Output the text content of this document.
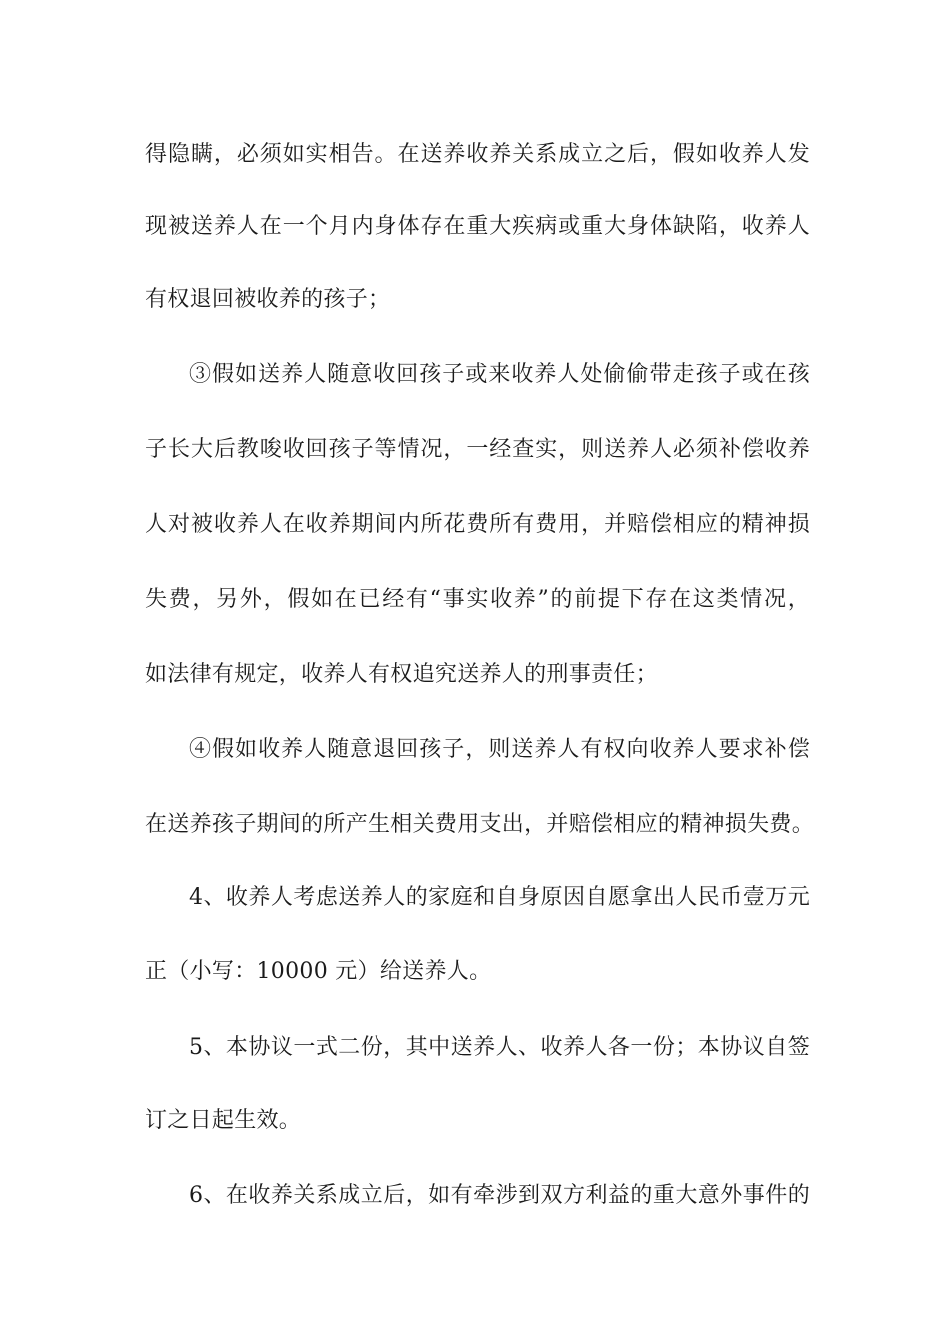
得隐瞒，必须如实相告。在送养收养关系成立之后，假如收养人发
现被送养人在一个月内身体存在重大疾病或重大身体缺陷，收养人
有权退回被收养的孩子；
③假如送养人随意收回孩子或来收养人处偷偷带走孩子或在孩
子长大后教唆收回孩子等情况，一经查实，则送养人必须补偿收养
人对被收养人在收养期间内所花费所有费用，并赔偿相应的精神损
失费，另外，假如在已经有“事实收养”的前提下存在这类情况，
如法律有规定，收养人有权追究送养人的刑事责任；
④假如收养人随意退回孩子，则送养人有权向收养人要求补偿
在送养孩子期间的所产生相关费用支出，并赔偿相应的精神损失费。
4、收养人考虑送养人的家庭和自身原因自愿拿出人民币壹万元
正（小写：10000 元）给送养人。
5、本协议一式二份，其中送养人、收养人各一份；本协议自签
订之日起生效。
6、在收养关系成立后，如有牵涉到双方利益的重大意外事件的
